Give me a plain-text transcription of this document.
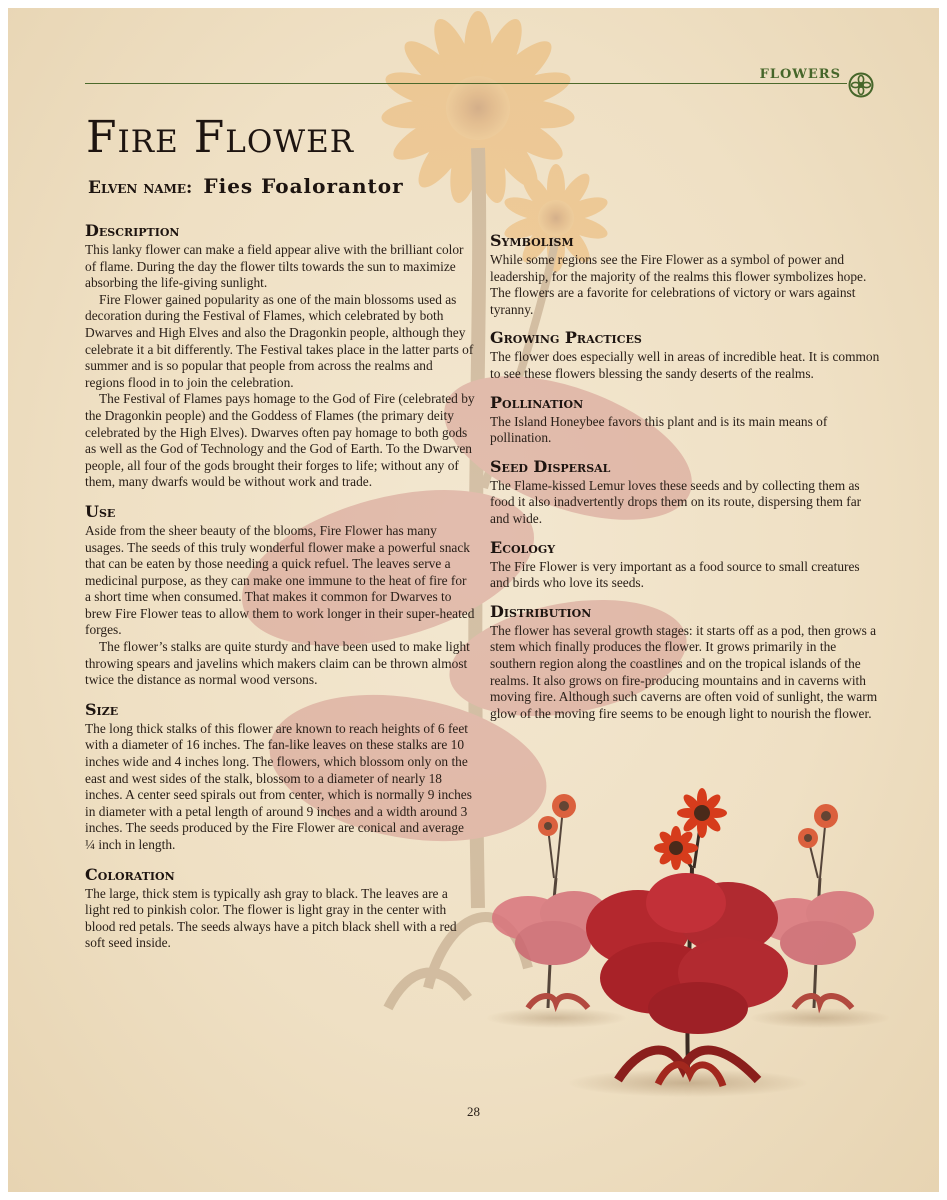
FLOWERS
Fire Flower
Elven name: Fies Foalorantor
Description

This lanky flower can make a field appear alive with the brilliant color of flame. During the day the flower tilts towards the sun to maximize absorbing the life-giving sunlight.

Fire Flower gained popularity as one of the main blossoms used as decoration during the Festival of Flames, which celebrated by both Dwarves and High Elves and also the Dragonkin people, although they celebrate it a bit differently. The Festival takes place in the latter parts of summer and is so popular that people from across the realms and regions flood in to join the celebration.

The Festival of Flames pays homage to the God of Fire (celebrated by the Dragonkin people) and the Goddess of Flames (the primary deity celebrated by the High Elves). Dwarves often pay homage to both gods as well as the God of Technology and the God of Earth. To the Dwarven people, all four of the gods brought their forges to life; without any of them, many dwarfs would be without work and trade.

Use

Aside from the sheer beauty of the blooms, Fire Flower has many usages. The seeds of this truly wonderful flower make a powerful snack that can be eaten by those needing a quick refuel. The leaves serve a medicinal purpose, as they can make one immune to the heat of fire for a short time when consumed. That makes it common for Dwarves to brew Fire Flower teas to allow them to work longer in their super-heated forges.

The flower’s stalks are quite sturdy and have been used to make light throwing spears and javelins which makers claim can be thrown almost twice the distance as normal wood versons.

Size

The long thick stalks of this flower are known to reach heights of 6 feet with a diameter of 16 inches. The fan-like leaves on these stalks are 10 inches wide and 4 inches long. The flowers, which blossom only on the east and west sides of the stalk, blossom to a diameter of nearly 18 inches. A center seed spirals out from center, which is normally 9 inches in diameter with a petal length of around 9 inches and a width around 3 inches. The seeds produced by the Fire Flower are conical and average ¼ inch in length.

Coloration

The large, thick stem is typically ash gray to black. The leaves are a light red to pinkish color. The flower is light gray in the center with blood red petals. The seeds always have a pitch black shell with a red soft seed inside.

Symbolism

While some regions see the Fire Flower as a symbol of power and leadership, for the majority of the realms this flower symbolizes hope. The flowers are a favorite for celebrations of victory or wars against tyranny.

Growing Practices

The flower does especially well in areas of incredible heat. It is common to see these flowers blessing the sandy deserts of the realms.

Pollination

The Island Honeybee favors this plant and is its main means of pollination.

Seed Dispersal

The Flame-kissed Lemur loves these seeds and by collecting them as food it also inadvertently drops them on its route, dispersing them far and wide.

Ecology

The Fire Flower is very important as a food source to small creatures and birds who love its seeds.

Distribution

The flower has several growth stages: it starts off as a pod, then grows a stem which finally produces the flower. It grows primarily in the southern region along the coastlines and on the tropical islands of the realms. It also grows on fire-producing mountains and in caverns with moving fire. Although such caverns are often void of sunlight, the warm glow of the moving fire seems to be enough light to nourish the flower.

28
